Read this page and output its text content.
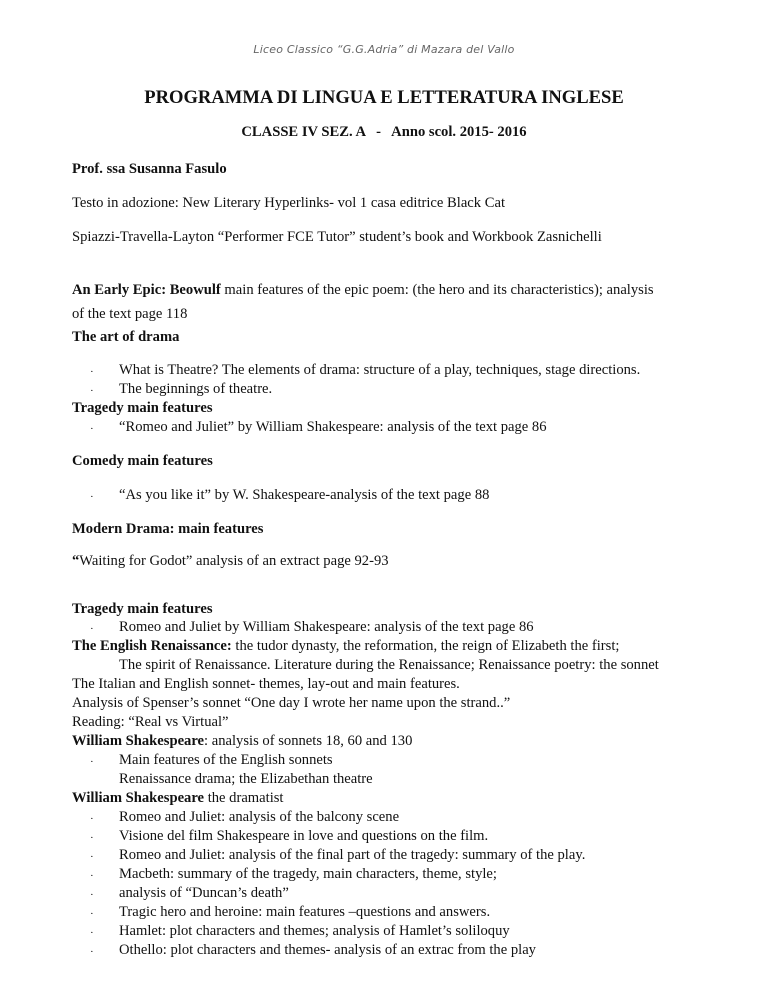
Liceo Classico “G.G.Adria” di Mazara del Vallo
PROGRAMMA DI LINGUA E LETTERATURA INGLESE
CLASSE IV SEZ. A   -   Anno scol. 2015- 2016
Prof. ssa Susanna Fasulo
Testo in adozione: New Literary Hyperlinks- vol 1 casa editrice Black Cat
Spiazzi-Travella-Layton “Performer FCE Tutor” student’s book and Workbook Zasnichelli
An Early Epic: Beowulf main features of the epic poem: (the hero and its characteristics); analysis
of the text page 118
The art of drama
· What is Theatre? The elements of drama: structure of a play, techniques, stage directions.
· The beginnings of theatre.
Tragedy main features
· “Romeo and Juliet” by William Shakespeare: analysis of the text page 86
Comedy main features
· “As you like it” by W. Shakespeare-analysis of the text page 88
Modern Drama: main features
“Waiting for Godot” analysis of an extract page 92-93
Tragedy main features
· Romeo and Juliet by William Shakespeare: analysis of the text page 86
The English Renaissance: the tudor dynasty, the reformation, the reign of Elizabeth the first;
The spirit of Renaissance. Literature during the Renaissance; Renaissance poetry: the sonnet
The Italian and English sonnet- themes, lay-out and main features.
Analysis of Spenser’s sonnet “One day I wrote her name upon the strand..”
Reading: “Real vs Virtual”
William Shakespeare: analysis of sonnets 18, 60 and 130
· Main features of the English sonnets
Renaissance drama; the Elizabethan theatre
William Shakespeare the dramatist
· Romeo and Juliet: analysis of the balcony scene
· Visione del film Shakespeare in love and questions on the film.
· Romeo and Juliet: analysis of the final part of the tragedy: summary of the play.
· Macbeth: summary of the tragedy, main characters, theme, style;
· analysis of “Duncan’s death”
· Tragic hero and heroine: main features –questions and answers.
· Hamlet: plot characters and themes; analysis of Hamlet’s soliloquy
· Othello: plot characters and themes- analysis of an extrac from the play
